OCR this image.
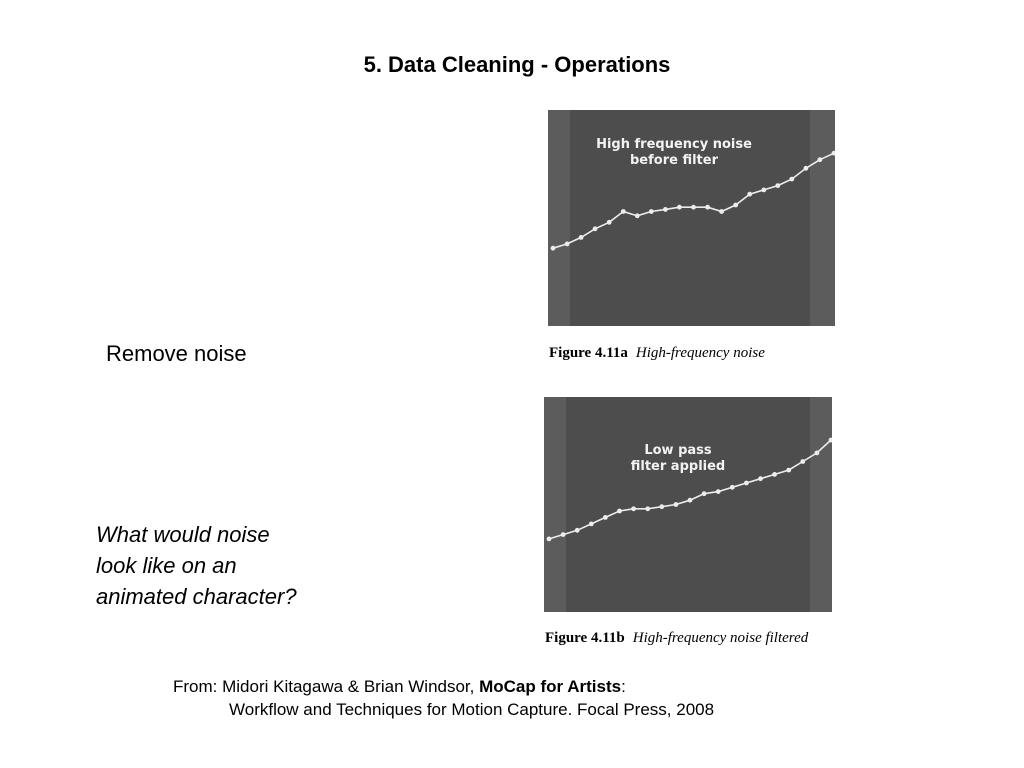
5. Data Cleaning - Operations
Remove noise
What would noise
look like on an
animated character?
High frequency noise
before filter
Figure 4.11a High-frequency noise
Low pass
filter applied
Figure 4.11b High-frequency noise filtered
From: Midori Kitagawa & Brian Windsor, MoCap for Artists:
Workflow and Techniques for Motion Capture. Focal Press, 2008
